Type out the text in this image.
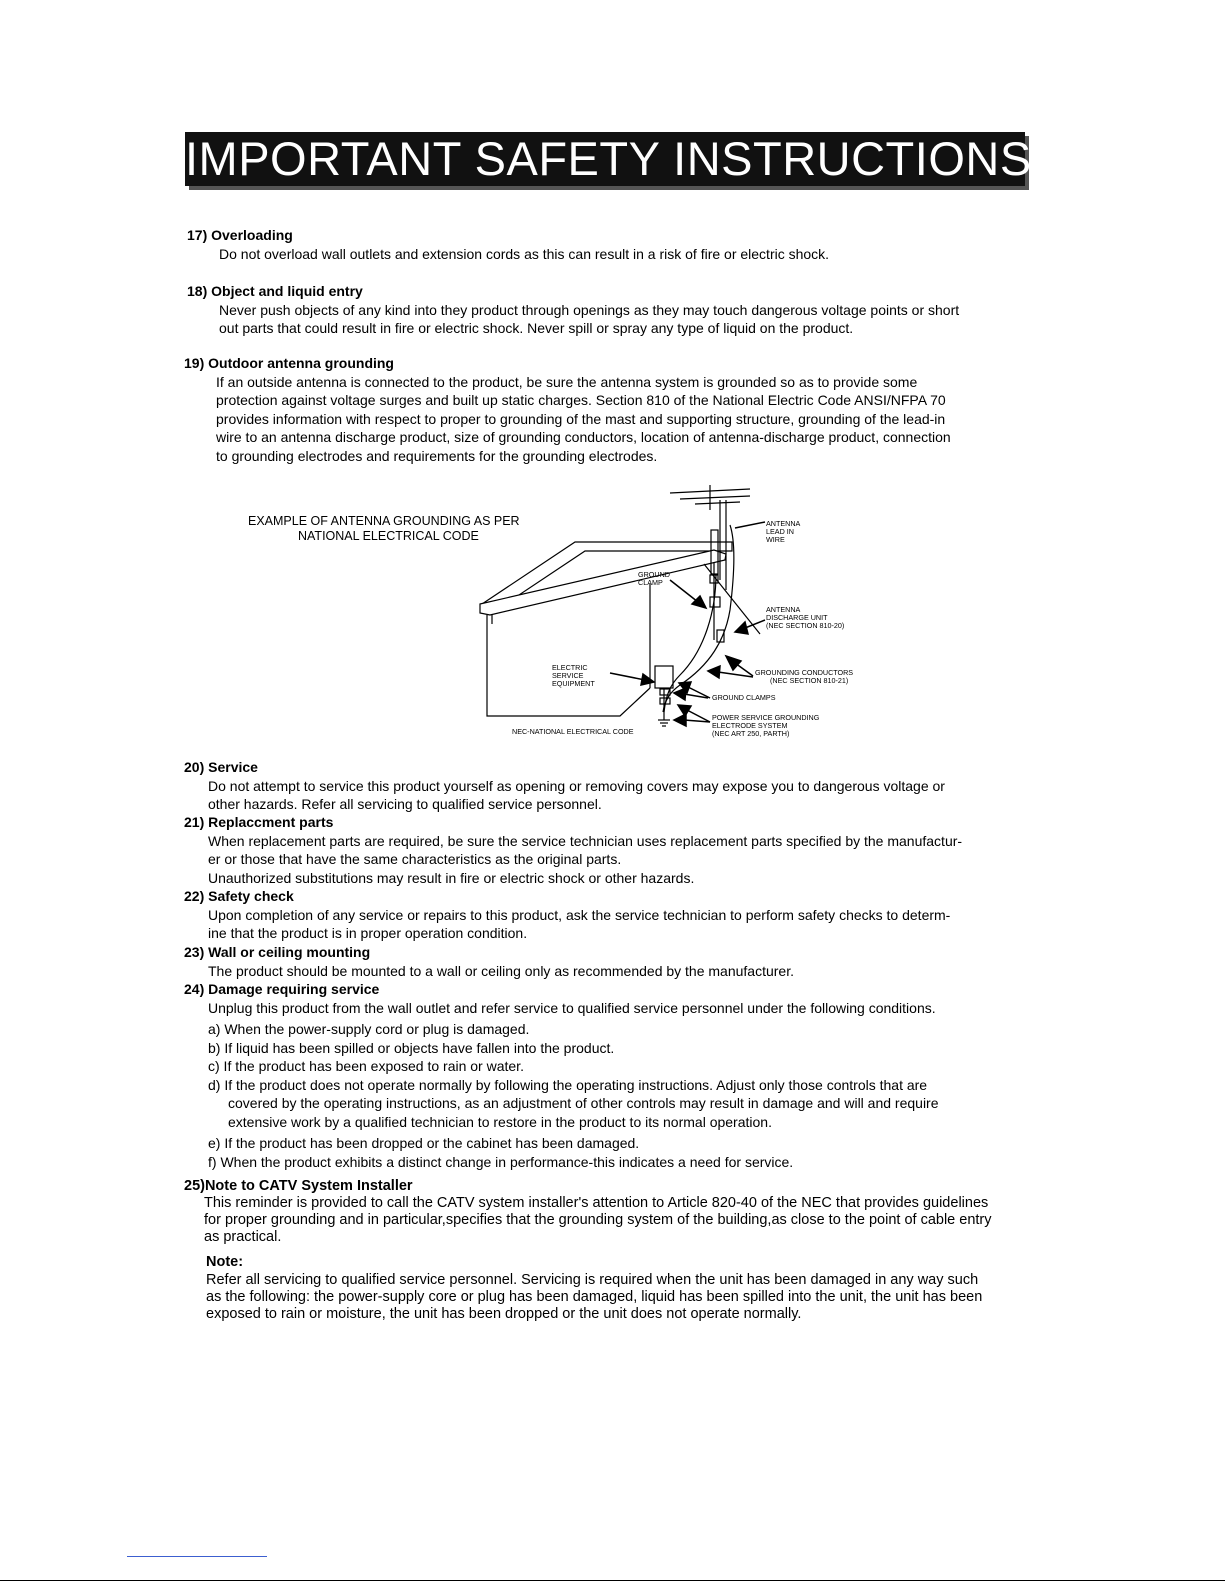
IMPORTANT SAFETY INSTRUCTIONS
17) Overloading
Do not overload wall outlets and extension cords as this can result in a risk of fire or electric shock.
18) Object and liquid entry
Never push objects of any kind into they product through openings as they may touch dangerous voltage points or short
out parts that could result in fire or electric shock. Never spill or spray any type of liquid on the product.
19) Outdoor antenna grounding
If an outside antenna is connected to the product, be sure the antenna system is grounded so as to provide some
protection against voltage surges and built up static charges. Section 810 of the National Electric Code ANSI/NFPA 70
provides information with respect to proper to grounding of the mast and supporting structure, grounding of the lead-in
wire to an antenna discharge product, size of grounding conductors, location of antenna-discharge product, connection
to grounding electrodes and requirements for the grounding electrodes.
EXAMPLE OF ANTENNA GROUNDING AS PER
NATIONAL ELECTRICAL CODE
ANTENNA
LEAD IN
WIRE
GROUND
CLAMP
ANTENNA
DISCHARGE UNIT
(NEC SECTION 810-20)
ELECTRIC
SERVICE
EQUIPMENT
GROUNDING CONDUCTORS
(NEC SECTION 810-21)
GROUND CLAMPS
POWER SERVICE GROUNDING
ELECTRODE SYSTEM
(NEC ART 250, PARTH)
NEC-NATIONAL ELECTRICAL CODE
20) Service
Do not attempt to service this product yourself as opening or removing covers may expose you to dangerous voltage or
other hazards. Refer all servicing to qualified service personnel.
21) Replaccment parts
When replacement parts are required, be sure the service technician uses replacement parts specified by the manufactur-
er or those that have the same characteristics as the original parts.
Unauthorized substitutions may result in fire or electric shock or other hazards.
22) Safety check
Upon completion of any service or repairs to this product, ask the service technician to perform safety checks to determ-
ine that the product is in proper operation condition.
23) Wall or ceiling mounting
The product should be mounted to a wall or ceiling only as recommended by the manufacturer.
24) Damage requiring service
Unplug this product from the wall outlet and refer service to qualified service personnel under the following conditions.
a) When the power-supply cord or plug is damaged.
b) If liquid has been spilled or objects have fallen into the product.
c) If the product has been exposed to rain or water.
d) If the product does not operate normally by following the operating instructions. Adjust only those controls that are
covered by the operating instructions, as an adjustment of other controls may result in damage and will and require
extensive work by a qualified technician to restore in the product to its normal operation.
e) If the product has been dropped or the cabinet has been damaged.
f) When the product exhibits a distinct change in performance-this indicates a need for service.
25)Note to CATV System Installer
This reminder is provided to call the CATV system installer's attention to Article 820-40 of the NEC that provides guidelines
for proper grounding and in particular,specifies that the grounding system of the building,as close to the point of cable entry
as practical.
Note:
Refer all servicing to qualified service personnel. Servicing is required when the unit has been damaged in any way such
as the following: the power-supply core or plug has been damaged, liquid has been spilled into the unit, the unit has been
exposed to rain or moisture, the unit has been dropped or the unit does not operate normally.
